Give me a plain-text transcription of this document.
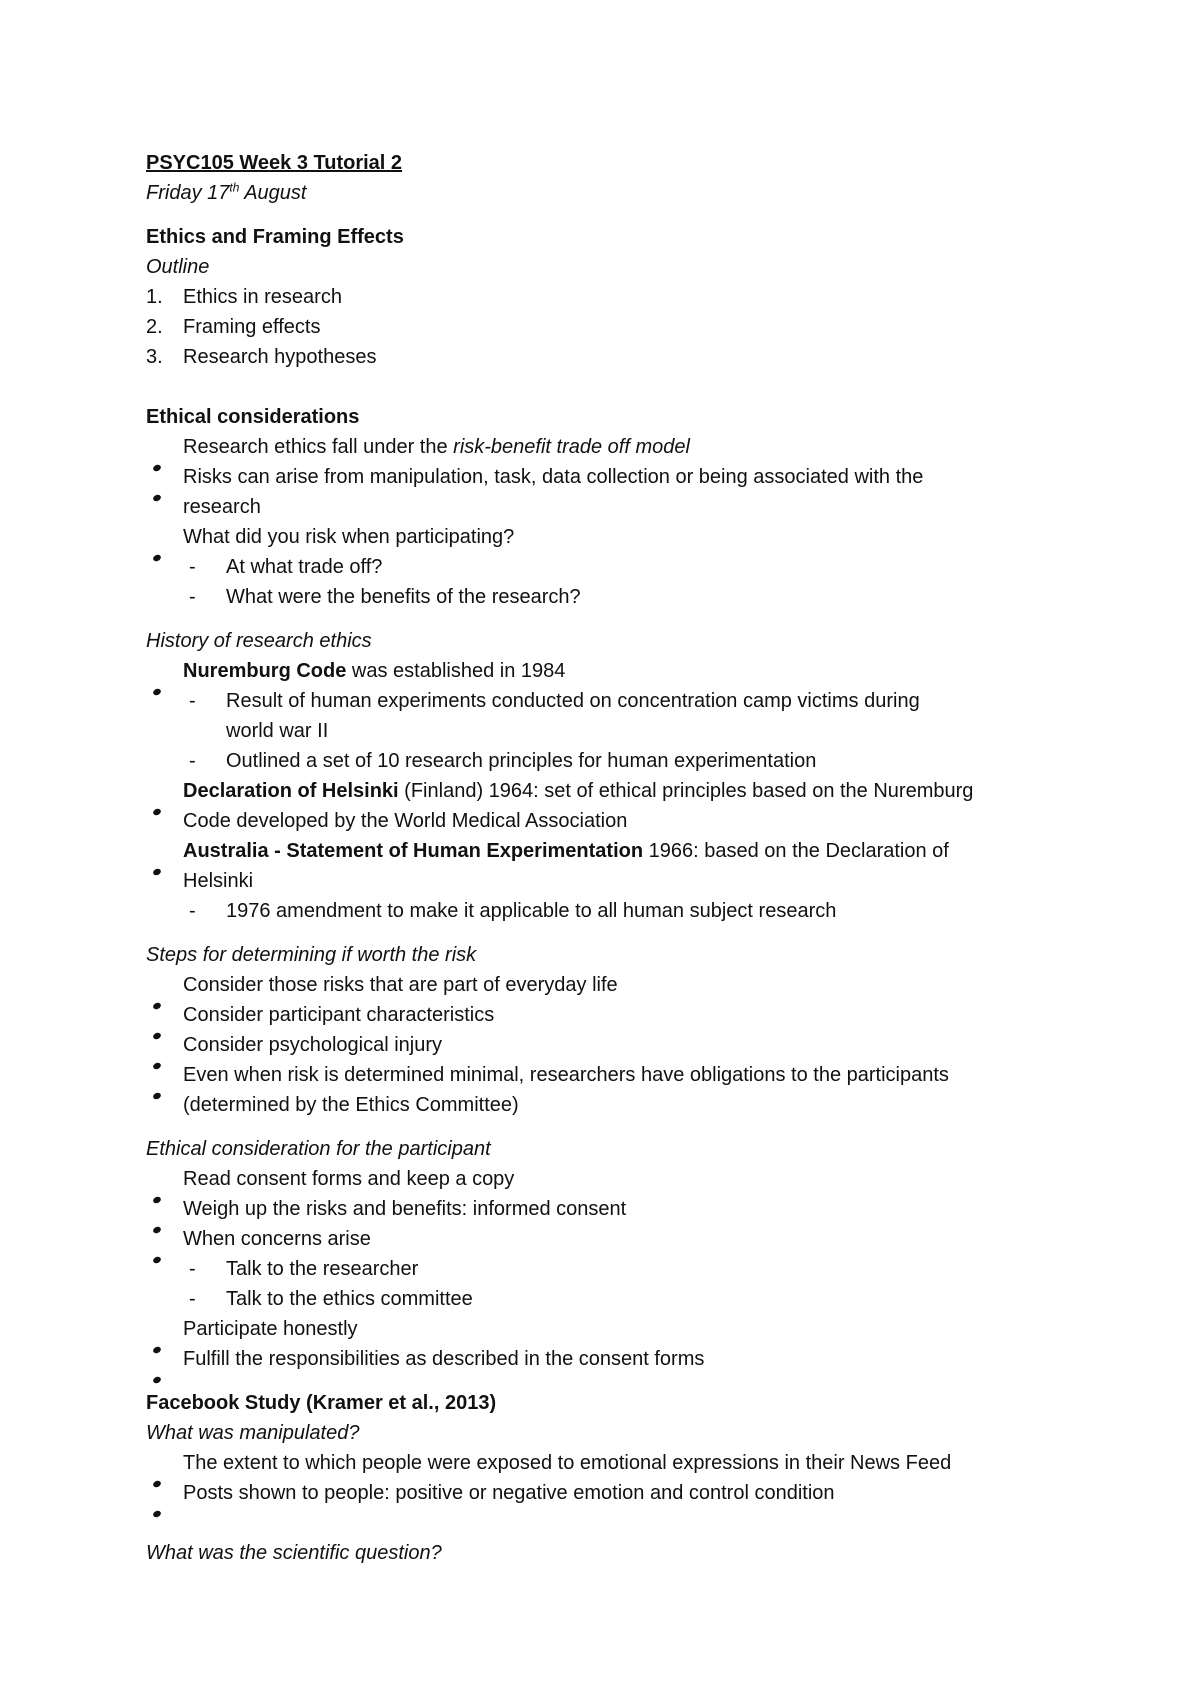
PSYC105 Week 3 Tutorial 2
Friday 17th August
Ethics and Framing Effects
Outline
1. Ethics in research
2. Framing effects
3. Research hypotheses
Ethical considerations
Research ethics fall under the risk-benefit trade off model
Risks can arise from manipulation, task, data collection or being associated with the
research
What did you risk when participating?
- At what trade off?
- What were the benefits of the research?
History of research ethics
Nuremburg Code was established in 1984
- Result of human experiments conducted on concentration camp victims during
world war II
- Outlined a set of 10 research principles for human experimentation
Declaration of Helsinki (Finland) 1964: set of ethical principles based on the Nuremburg
Code developed by the World Medical Association
Australia - Statement of Human Experimentation 1966: based on the Declaration of
Helsinki
- 1976 amendment to make it applicable to all human subject research
Steps for determining if worth the risk
Consider those risks that are part of everyday life
Consider participant characteristics
Consider psychological injury
Even when risk is determined minimal, researchers have obligations to the participants
(determined by the Ethics Committee)
Ethical consideration for the participant
Read consent forms and keep a copy
Weigh up the risks and benefits: informed consent
When concerns arise
- Talk to the researcher
- Talk to the ethics committee
Participate honestly
Fulfill the responsibilities as described in the consent forms
Facebook Study (Kramer et al., 2013)
What was manipulated?
The extent to which people were exposed to emotional expressions in their News Feed
Posts shown to people: positive or negative emotion and control condition
What was the scientific question?
